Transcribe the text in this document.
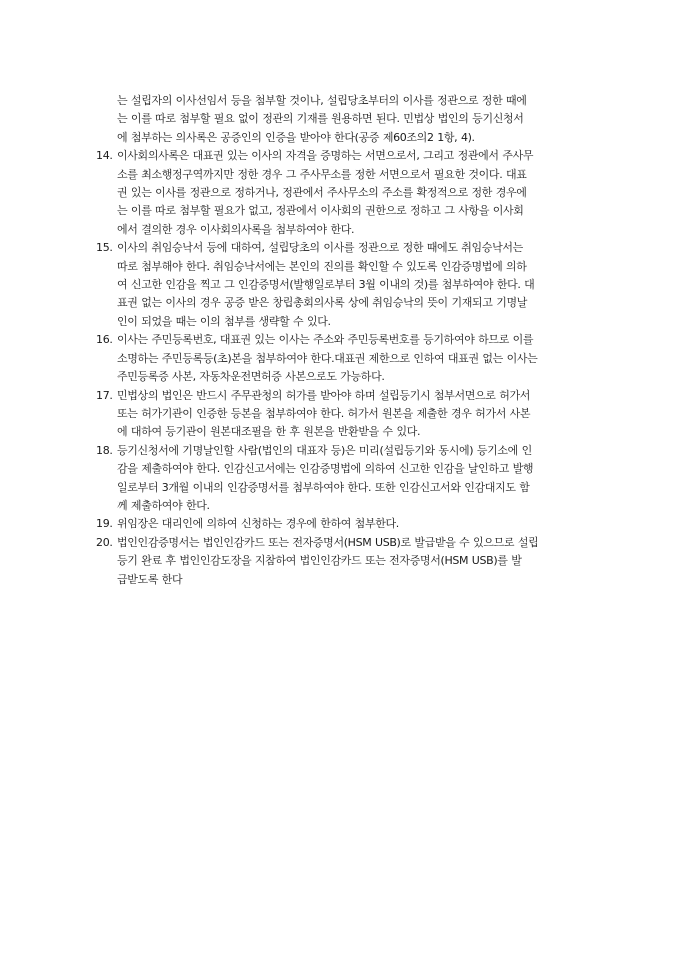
는 설립자의 이사선임서 등을 첨부할 것이나, 설립당초부터의 이사를 정관으로 정한 때에
는 이를 따로 첨부할 필요 없이 정관의 기재를 원용하면 된다. 민법상 법인의 등기신청서
에 첨부하는 의사록은 공증인의 인증을 받아야 한다(공증 제60조의2 1항, 4).
14. 이사회의사록은 대표권 있는 이사의 자격을 증명하는 서면으로서, 그리고 정관에서 주사무
소를 최소행정구역까지만 정한 경우 그 주사무소를 정한 서면으로서 필요한 것이다. 대표
권 있는 이사를 정관으로 정하거나, 정관에서 주사무소의 주소를 확정적으로 정한 경우에
는 이를 따로 첨부할 필요가 없고, 정관에서 이사회의 권한으로 정하고 그 사항을 이사회
에서 결의한 경우 이사회의사록을 첨부하여야 한다.
15. 이사의 취임승낙서 등에 대하여, 설립당초의 이사를 정관으로 정한 때에도 취임승낙서는
따로 첨부해야 한다. 취임승낙서에는 본인의 진의를 확인할 수 있도록 인감증명법에 의하
여 신고한 인감을 찍고 그 인감증명서(발행일로부터 3월 이내의 것)를 첨부하여야 한다. 대
표권 없는 이사의 경우 공증 받은 창립총회의사록 상에 취임승낙의 뜻이 기재되고 기명날
인이 되었을 때는 이의 첨부를 생략할 수 있다.
16. 이사는 주민등록번호, 대표권 있는 이사는 주소와 주민등록번호를 등기하여야 하므로 이를
소명하는 주민등록등(초)본을 첨부하여야 한다.대표권 제한으로 인하여 대표권 없는 이사는
주민등록증 사본, 자동차운전면허증 사본으로도 가능하다.
17. 민법상의 법인은 반드시 주무관청의 허가를 받아야 하며 설립등기시 첨부서면으로 허가서
또는 허가기관이 인증한 등본을 첨부하여야 한다. 허가서 원본을 제출한 경우 허가서 사본
에 대하여 등기관이 원본대조필을 한 후 원본을 반환받을 수 있다.
18. 등기신청서에 기명날인할 사람(법인의 대표자 등)은 미리(설립등기와 동시에) 등기소에 인
감을 제출하여야 한다. 인감신고서에는 인감증명법에 의하여 신고한 인감을 날인하고 발행
일로부터 3개월 이내의 인감증명서를 첨부하여야 한다. 또한 인감신고서와 인감대지도 함
께 제출하여야 한다.
19. 위임장은 대리인에 의하여 신청하는 경우에 한하여 첨부한다.
20. 법인인감증명서는 법인인감카드 또는 전자증명서(HSM USB)로 발급받을 수 있으므로 설립
등기 완료 후 법인인감도장을 지참하여 법인인감카드 또는 전자증명서(HSM USB)를 발
급받도록 한다
